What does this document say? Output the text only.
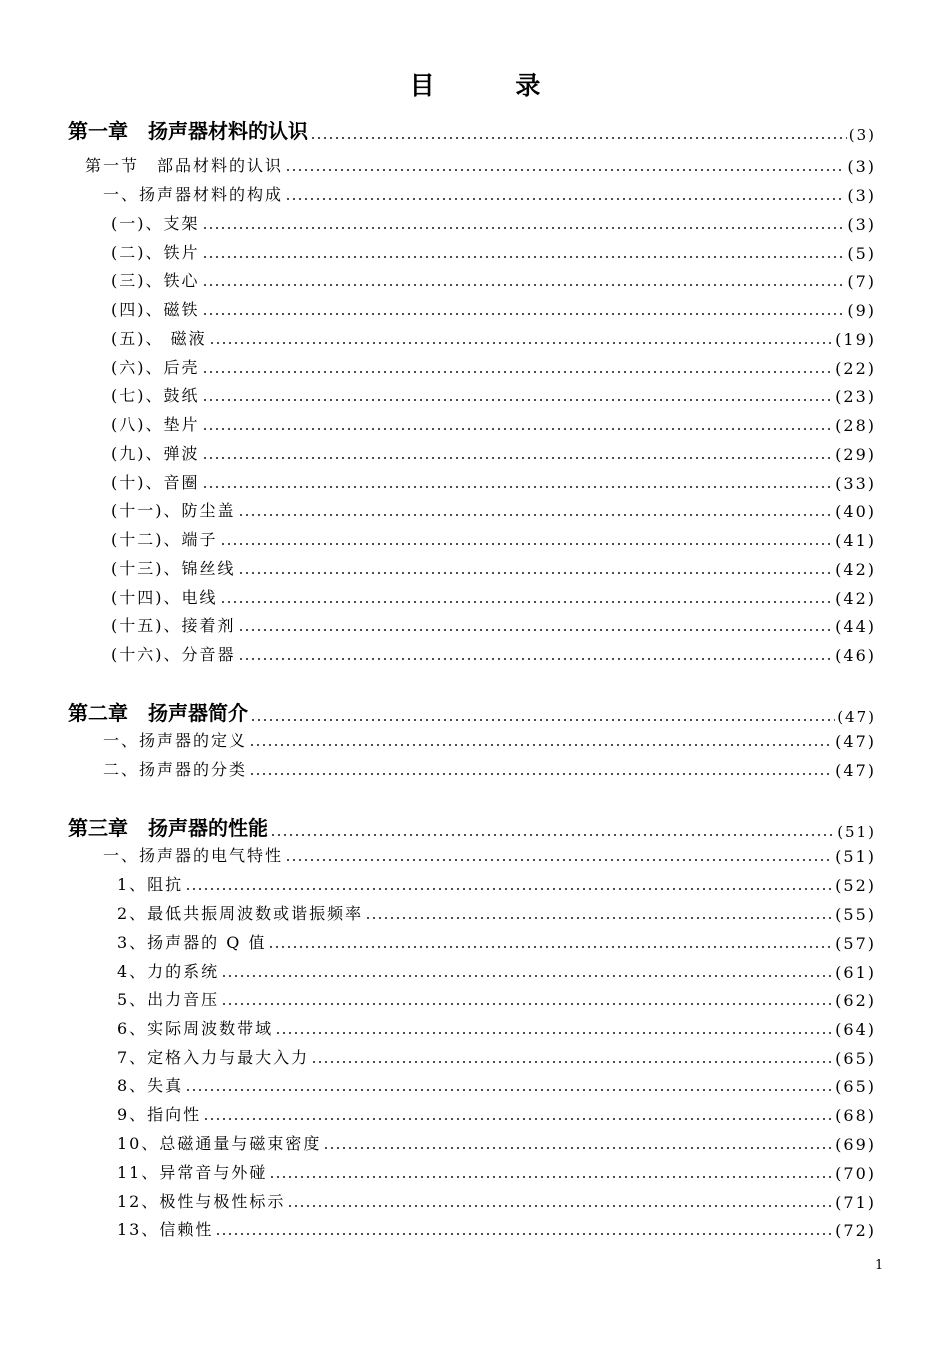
目 录
第一章　扬声器材料的认识	(3)
第一节　部品材料的认识	(3)
一、扬声器材料的构成	(3)
(一)、支架	(3)
(二)、铁片	(5)
(三)、铁心	(7)
(四)、磁铁	(9)
(五)、 磁液	(19)
(六)、后壳	(22)
(七)、鼓纸	(23)
(八)、垫片	(28)
(九)、弹波	(29)
(十)、音圈	(33)
(十一)、防尘盖	(40)
(十二)、端子	(41)
(十三)、锦丝线	(42)
(十四)、电线	(42)
(十五)、接着剂	(44)
(十六)、分音器	(46)
第二章　扬声器简介	(47)
一、扬声器的定义	(47)
二、扬声器的分类	(47)
第三章　扬声器的性能	(51)
一、扬声器的电气特性	(51)
1、阻抗	(52)
2、最低共振周波数或谐振频率	(55)
3、扬声器的 Q 值	(57)
4、力的系统	(61)
5、出力音压	(62)
6、实际周波数带域	(64)
7、定格入力与最大入力	(65)
8、失真	(65)
9、指向性	(68)
10、总磁通量与磁束密度	(69)
11、异常音与外碰	(70)
12、极性与极性标示	(71)
13、信赖性	(72)
1
